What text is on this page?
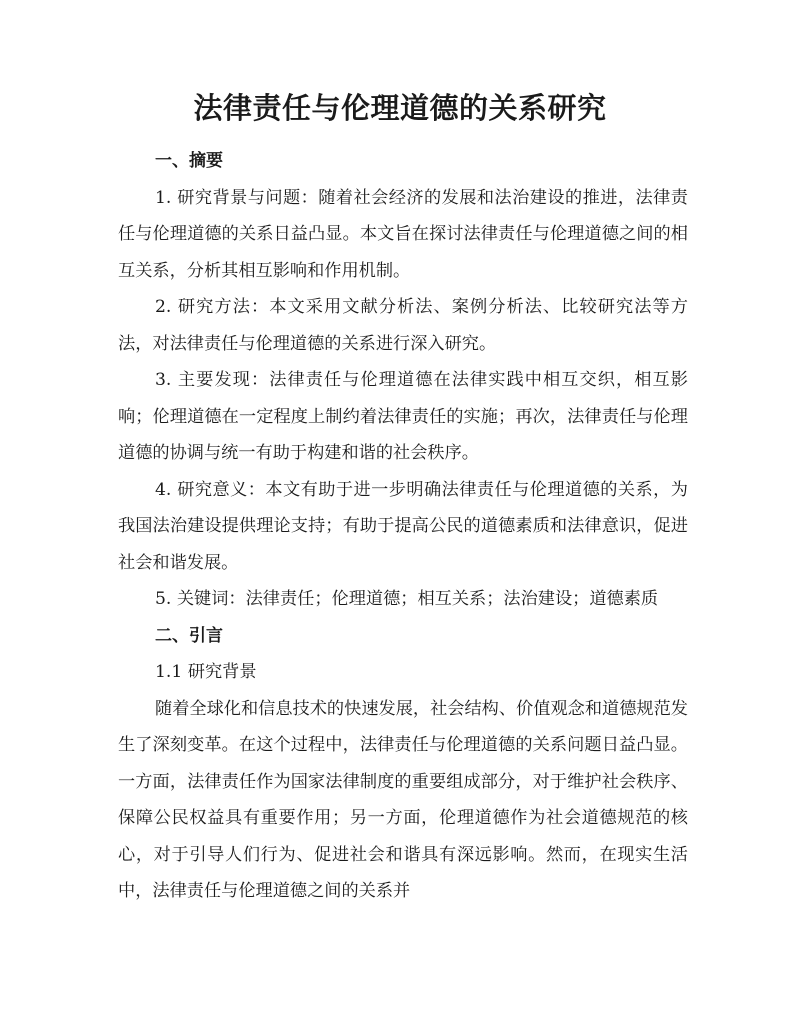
法律责任与伦理道德的关系研究
一、摘要

1. 研究背景与问题：随着社会经济的发展和法治建设的推进，法律责任与伦理道德的关系日益凸显。本文旨在探讨法律责任与伦理道德之间的相互关系，分析其相互影响和作用机制。

2. 研究方法：本文采用文献分析法、案例分析法、比较研究法等方法，对法律责任与伦理道德的关系进行深入研究。

3. 主要发现：法律责任与伦理道德在法律实践中相互交织，相互影响；伦理道德在一定程度上制约着法律责任的实施；再次，法律责任与伦理道德的协调与统一有助于构建和谐的社会秩序。

4. 研究意义：本文有助于进一步明确法律责任与伦理道德的关系，为我国法治建设提供理论支持；有助于提高公民的道德素质和法律意识，促进社会和谐发展。

5. 关键词：法律责任；伦理道德；相互关系；法治建设；道德素质

二、引言

1.1 研究背景

随着全球化和信息技术的快速发展，社会结构、价值观念和道德规范发生了深刻变革。在这个过程中，法律责任与伦理道德的关系问题日益凸显。一方面，法律责任作为国家法律制度的重要组成部分，对于维护社会秩序、保障公民权益具有重要作用；另一方面，伦理道德作为社会道德规范的核心，对于引导人们行为、促进社会和谐具有深远影响。然而，在现实生活中，法律责任与伦理道德之间的关系并
